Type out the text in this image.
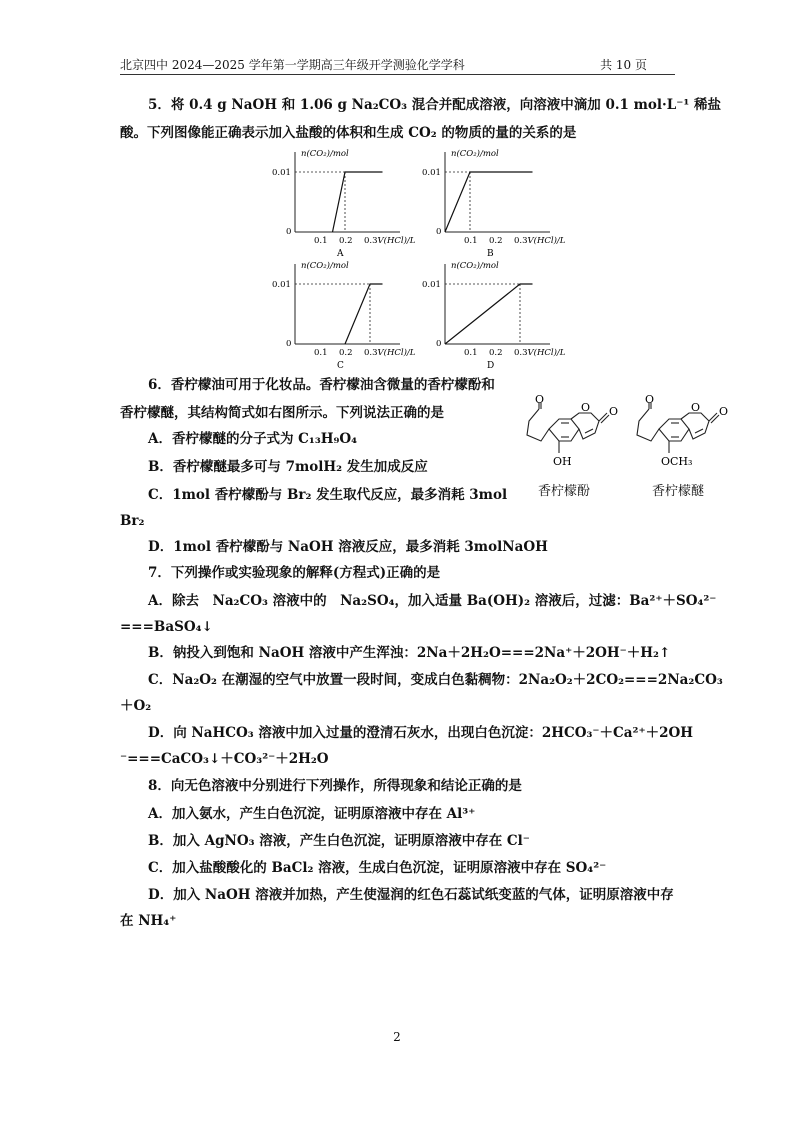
北京四中 2024—2025 学年第一学期高三年级开学测验化学学科	共 10 页
5．将 0.4 g NaOH 和 1.06 g Na₂CO₃ 混合并配成溶液，向溶液中滴加 0.1 mol·L⁻¹ 稀盐
酸。下列图像能正确表示加入盐酸的体积和生成 CO₂ 的物质的量的关系的是
n(CO₂)/mol
0
0.01
0.1 0.2 0.3 V(HCl)/L
A
n(CO₂)/mol
0
0.01
0.1 0.2 0.3 V(HCl)/L
B
n(CO₂)/mol
0
0.01
0.1 0.2 0.3 V(HCl)/L
C
n(CO₂)/mol
0
0.01
0.1 0.2 0.3 V(HCl)/L
D
6．香柠檬油可用于化妆品。香柠檬油含微量的香柠檬酚和
香柠檬醚，其结构简式如右图所示。下列说法正确的是
A．香柠檬醚的分子式为 C₁₃H₉O₄
B．香柠檬醚最多可与 7molH₂ 发生加成反应
C．1mol 香柠檬酚与 Br₂ 发生取代反应，最多消耗 3mol
Br₂
D．1mol 香柠檬酚与 NaOH 溶液反应，最多消耗 3molNaOH
O
O O
OH
O
O O
OCH₃
香柠檬酚	香柠檬醚
7．下列操作或实验现象的解释(方程式)正确的是
A．除去　Na₂CO₃ 溶液中的　Na₂SO₄，加入适量 Ba(OH)₂ 溶液后，过滤：Ba²⁺＋SO₄²⁻
===BaSO₄↓
B．钠投入到饱和 NaOH 溶液中产生浑浊：2Na＋2H₂O===2Na⁺＋2OH⁻＋H₂↑
C．Na₂O₂ 在潮湿的空气中放置一段时间，变成白色黏稠物：2Na₂O₂＋2CO₂===2Na₂CO₃
＋O₂
D．向 NaHCO₃ 溶液中加入过量的澄清石灰水，出现白色沉淀：2HCO₃⁻＋Ca²⁺＋2OH
⁻===CaCO₃↓＋CO₃²⁻＋2H₂O
8．向无色溶液中分别进行下列操作，所得现象和结论正确的是
A．加入氨水，产生白色沉淀，证明原溶液中存在 Al³⁺
B．加入 AgNO₃ 溶液，产生白色沉淀，证明原溶液中存在 Cl⁻
C．加入盐酸酸化的 BaCl₂ 溶液，生成白色沉淀，证明原溶液中存在 SO₄²⁻
D．加入 NaOH 溶液并加热，产生使湿润的红色石蕊试纸变蓝的气体，证明原溶液中存
在 NH₄⁺
2
